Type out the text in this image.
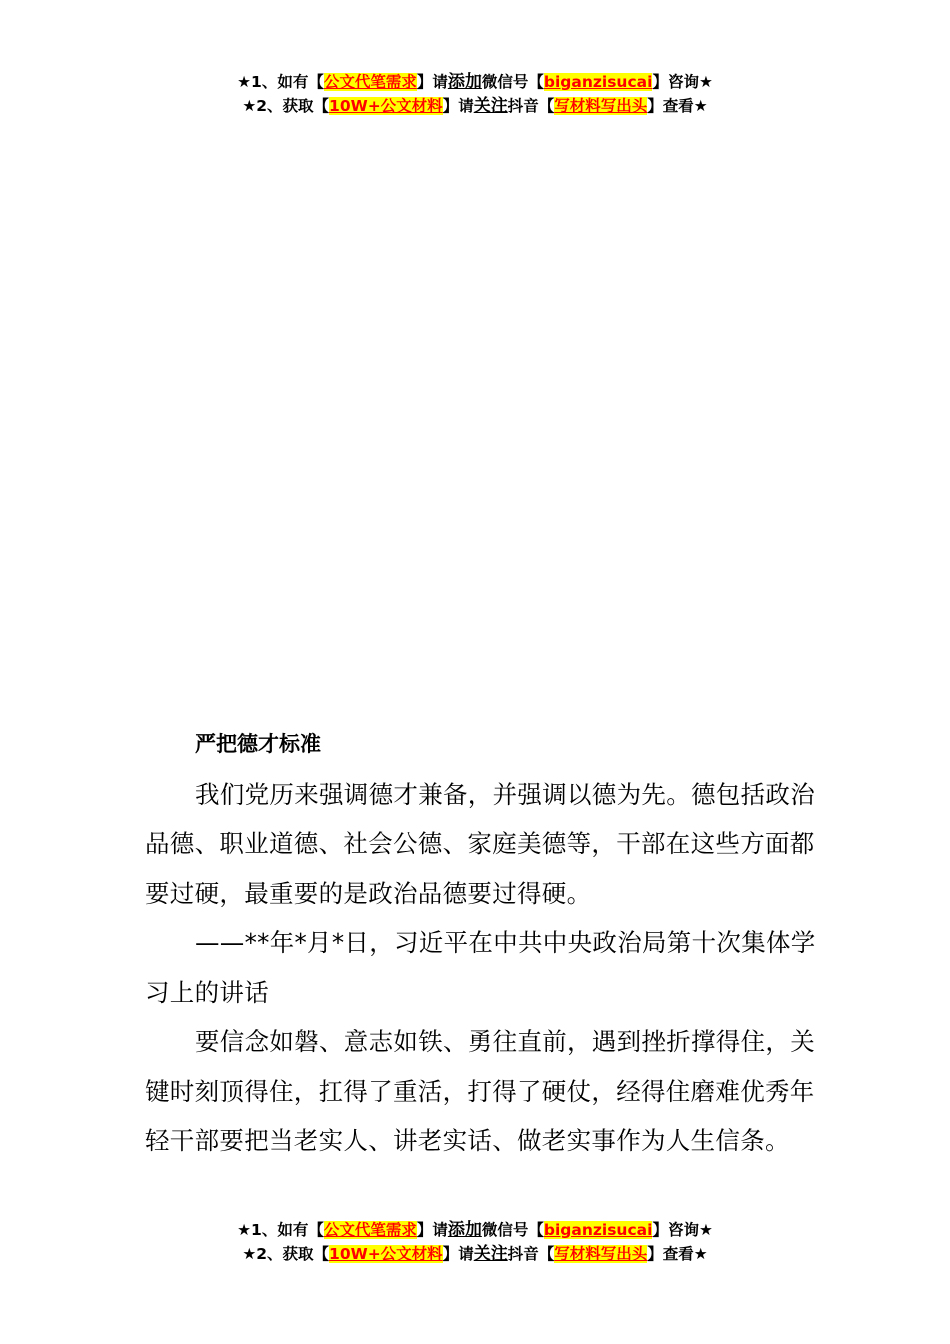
★1、如有【公文代笔需求】请添加微信号【biganzisucai】咨询★
★2、获取【10W+公文材料】请关注抖音【写材料写出头】查看★

严把德才标准

我们党历来强调德才兼备，并强调以德为先。德包括政治品德、职业道德、社会公德、家庭美德等，干部在这些方面都要过硬，最重要的是政治品德要过得硬。

——**年*月*日，习近平在中共中央政治局第十次集体学习上的讲话

要信念如磐、意志如铁、勇往直前，遇到挫折撑得住，关键时刻顶得住，扛得了重活，打得了硬仗，经得住磨难优秀年轻干部要把当老实人、讲老实话、做老实事作为人生信条。

★1、如有【公文代笔需求】请添加微信号【biganzisucai】咨询★
★2、获取【10W+公文材料】请关注抖音【写材料写出头】查看★
